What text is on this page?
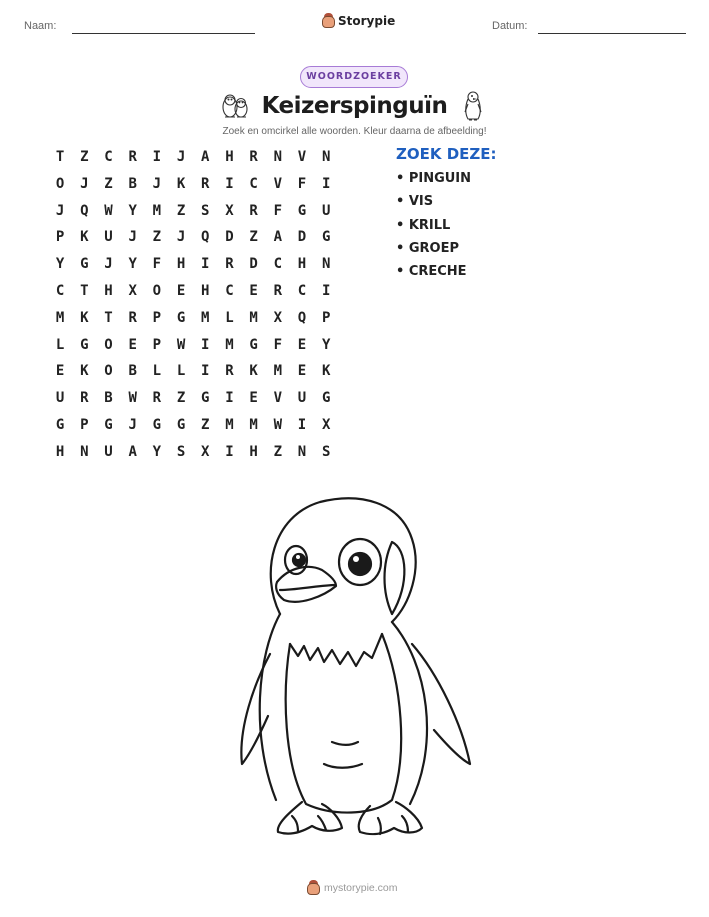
Naam:	Storypie	Datum:
WOORDZOEKER
Keizerspinguïn
Zoek en omcirkel alle woorden. Kleur daarna de afbeelding!
T	Z	C	R	I	J	A	H	R	N	V	N
O	J	Z	B	J	K	R	I	C	V	F	I
J	Q	W	Y	M	Z	S	X	R	F	G	U
P	K	U	J	Z	J	Q	D	Z	A	D	G
Y	G	J	Y	F	H	I	R	D	C	H	N
C	T	H	X	O	E	H	C	E	R	C	I
M	K	T	R	P	G	M	L	M	X	Q	P
L	G	O	E	P	W	I	M	G	F	E	Y
E	K	O	B	L	L	I	R	K	M	E	K
U	R	B	W	R	Z	G	I	E	V	U	G
G	P	G	J	G	G	Z	M	M	W	I	X
H	N	U	A	Y	S	X	I	H	Z	N	S
ZOEK DEZE:
• PINGUIN
• VIS
• KRILL
• GROEP
• CRECHE
mystorypie.com
